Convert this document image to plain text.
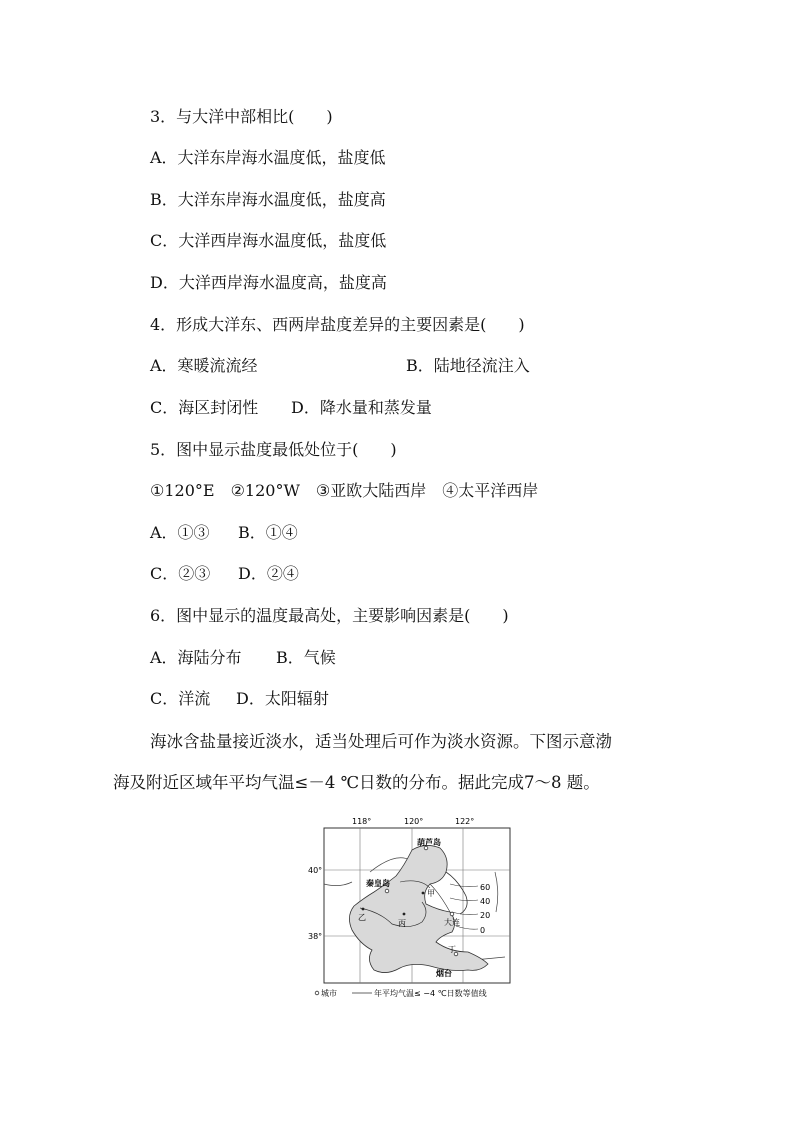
3．与大洋中部相比(　　)
A．大洋东岸海水温度低，盐度低
B．大洋东岸海水温度低，盐度高
C．大洋西岸海水温度低，盐度低
D．大洋西岸海水温度高，盐度高
4．形成大洋东、西两岸盐度差异的主要因素是(　　)
A．寒暖流流经	B．陆地径流注入
C．海区封闭性 D．降水量和蒸发量
5．图中显示盐度最低处位于(　　)
①120°E　②120°W　③亚欧大陆西岸　④太平洋西岸
A．①③ B．①④
C．②③ D．②④
6．图中显示的温度最高处，主要影响因素是(　　)
A．海陆分布 B．气候
C．洋流 D．太阳辐射
海冰含盐量接近淡水，适当处理后可作为淡水资源。下图示意渤
海及附近区域年平均气温≤－4 ℃日数的分布。据此完成7～8 题。
118°	120°	122°
40°
38°
葫芦岛
秦皇岛
甲
乙
丙	大连
丁
烟台
60
40
20
0
城市	年平均气温≤ −4 ℃日数等值线
